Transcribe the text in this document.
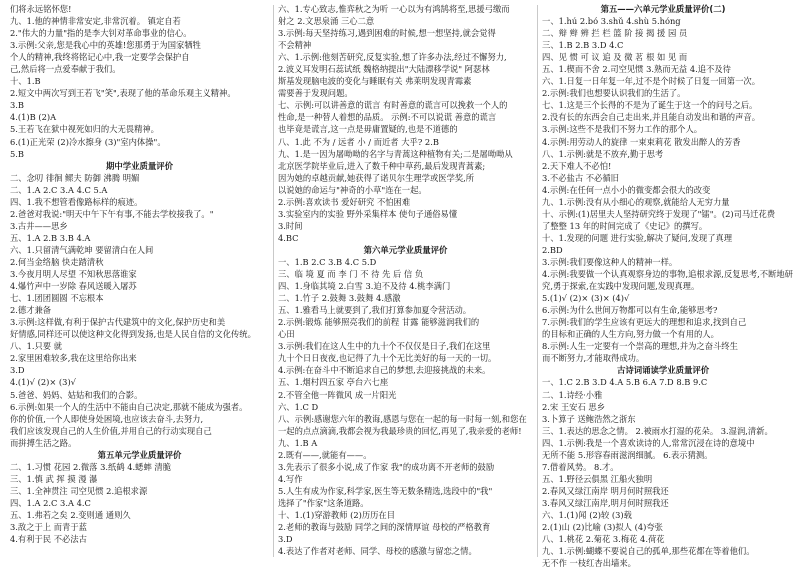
们将永远铭怀您!

九、1.他的神情非常安定,非常沉着。 镇定自若

2."伟大的力量"指的是李大钊对革命事业的信心。

3.示例:父亲,您是我心中的英雄!您那勇于为国家牺牲

个人的精神,我终将铭记心中,我一定要学会保护自

己,然后将一点爱奉献于我们。

十、1.B

2.短文中两次写到王若飞"笑",表现了他的革命乐观主义精神。

3.B

4.(1)B (2)A

5.王若飞在狱中视死如归的大无畏精神。

6.(1)正光荣 (2)冷水擦身 (3)"室内体操"。

5.B

期中学业质量评价

二、念叨 徘徊 鳏夫 防御 沸腾 明媚

二、1.A 2.C 3.A 4.C 5.A

四、1.我不想管看像路标样的痕迹。

2.爸爸对我说:"明天中午下午有事,不能去学校接我了。"

3.古井——思乡

五、1.A 2.B 3.B 4.A

六、1.只留清气满乾坤 要留清白在人间

2.何当金络脑 快走踏清秋

3.今夜月明人尽望 不知秋思落谁家

4.爆竹声中一岁除 春风送暖入屠苏

七、1.团团圆圆 不忘根本

2.德才兼备

3.示例:这样做,有利于保护古代建筑中的文化,保护历史和美

好情感,同样还可以使这种文化得到发扬,也是人民自信的文化传统。

八、1.只要 就

2.家里困难较多,我在这里给你出来

3.D

4.(1)√ (2)× (3)√

5.爸爸、妈妈、姑姑和我们的合影。

6.示例:如果一个人的生活中不能由自己决定,那就不能成为强者。

你的价值,一个人即使身处困境,也应该去奋斗,去努力,

我们应该发现自己的人生价值,并用自己的行动实现自己

而拼搏生活之路。

第五单元学业质量评价

二、1.习惯 花园 2.微落 3.纸鹤 4.蟋蟀 清脆

三、1.慎 武 挥 摸 漫 瀑

三、1.全神贯注 司空见惯 2.追根求源

四、1.A 2.C 3.A 4.C

五、1.弗若之矣 2.变则通 通则久

3.敌之于上 而青于蓝

4.有利于民 不必法古

六、1.专心致志,惟弈秋之为听 一心以为有鸿鹄将至,思援弓缴而

射之 2.文思泉涌 三心二意

3.示例:每天坚持练习,遇到困难的时候,想一想坚持,就会觉得

不会精神

六、1.示例:他刻苦研究,反复实验,想了许多办法,经过不懈努力,

2.波义耳发明石蕊试纸 魏格纳提出"大陆漂移学说" 阿瑟林

斯基发现脑电波的变化与睡眠有关 弗莱明发现青霉素

需要善于发现问题。

七、示例:可以讲善意的谎言 有时善意的谎言可以挽救一个人的

性命,是一种替人着想的品质。 示例:不可以说谎 善意的谎言

也毕竟是谎言,这一点是毋庸置疑的,也是不道德的

八、1.此 不为 / 远者 小 / 而近者 大乎? 2.B

九、1.是一因为屠呦呦的名字与青蒿这种植物有关;二是屠呦呦从

北京医学院毕业后,进入了数千种中草药,最后发现青蒿素;

因为她的卓越贡献,她获得了诺贝尔生理学或医学奖,所

以说她的命运与"神奇的小草"连在一起。

2.示例:喜欢读书 爱好研究 不怕困难

3.实验室内的实验 野外采集样本 使句子通俗易懂

3.时间

4.BC

第六单元学业质量评价

一、1.B 2.C 3.B 4.C 5.D

三、临 境 夏 而 李 门 不 待 先 后 信 负

四、1.身临其境 2.白雪 3.迫不及待 4.桃李满门

二、1.竹子 2.鼓舞 3.鼓舞 4.感激

五、1.雅看马上就要到了,我们打算参加夏令营活动。

2.示例:锻炼 能够照亮我们的前程 甘露 能够滋润我们的

心田

3.示例:我们在这人生中的九十个不仅仅是日子,我们在这里

九十个日日夜夜,也记得了九十个无比美好的每一天的一切。

4.示例:在奋斗中不断追求自己的梦想,去迎接挑战的未来。

五、1.烟村四五家 亭台六七座

2.不管全他一阵微风 成一片阳光

六、1.C D

八、示例:感谢您六年的教诲,感恩与您在一起的每一时每一刻,和您在

一起的点点滴滴,我都会视为我最珍贵的回忆,再见了,我亲爱的老师!

九、1.B A

2.既有——,就能有——。

3.先表示了很多小说,成了作家 我"的成功离不开老师的鼓励

4.写作

5.人生有成为作家,科学家,医生等无数条精选,选段中的"我"

选择了"作家"这条道路。

十、1.(1)穿游教师 (2)历历在目

2.老师的教诲与鼓励 同学之间的深情厚谊 母校的严格教育

3.D

4.表达了作者对老师、同学、母校的感激与留恋之情。

第五——六单元学业质量评价(二)

一、1.hú 2.bó 3.shǔ 4.shù 5.hóng

二、辩 辫 辨 拦 栏 篮 阶 接 揭 援 园 员

三、1.B 2.B 3.D 4.C

四、见 惯 可 议 追 及 微 茗 根 如 见 而

五、1.楔而不舍 2.司空见惯 3.熟而无益 4.追不及待

六、1.日复一日年复一年,过不是个时候了日复一回第一次。

2.示例:我们也想要认识我们的生活了。

七、1.这是三个长得的不是为了诞生于这一个的问号之后。

2.没有长的东西会自己走出来,并且能自动发出和谐的声音。

3.示例:这些不是我们不努力工作的那个人。

4.示例:用劳动人的旋律 一束束莉花 散发出醉人的芳香

八、1.示例:就是不放弃,勤于思考

2.天下难人不必怕!

3.不必盐古 不必循旧

4.示例:在任何一点小小的微变都会很大的改变

九、1.示例:没有从小细心的观察,就能给人无穷力量

十、示例:(1)居里夫人坚持研究终于发现了"镭"。(2)司马迁花费

了整整 13 年的时间完成了《史记》的撰写。

十、1.发现的问题 进行实验,解决了疑问,发现了真理

2.BD

3.示例:我们要像这种人的精神一样。

4.示例:我要做一个认真观察身边的事物,追根求源,反复思考,不断地研

究,勇于探索,在实践中发现问题,发现真理。

5.(1)√ (2)× (3)× (4)√

6.示例:为什么世间万物都可以有生命,能够思考?

7.示例:我们的学生应该有更远大的理想和追求,找到自己

的目标和正确的人生方向,努力做一个有用的人。

8.示例:人生一定要有一个崇高的理想,并为之奋斗终生

而不断努力,才能取得成功。

古诗词诵读学业质量评价

一、1.C 2.B 3.D 4.A 5.B 6.A 7.D 8.B 9.C

二、1.诗经·小雅

2.宋 王安石 思乡

3.卜算子 送鲍浩然之浙东

三、1.表达的思念之情。 2.被雨水打湿的花朵。 3.湿润,清新。

四、1.示例:我是一个喜欢读诗的人,常常沉浸在诗的意境中

无所不能 5.形容春雨滋润细腻。 6.表示猜测。

7.借着风势。 8.才。

五、1.野径云俱黑 江船火独明

2.春风又绿江南岸 明月何时照我还

3.春风又绿江南岸,明月何时照我还

六、1.(1)闻 (2)较 (3)载

2.(1)山 (2)比喻 (3)拟人 (4)夸张

八、1.桃花 2.菊花 3.梅花 4.荷花

九、1.示例:蝴蝶不要说自己的孤单,那些花都在等着他们。

无不作 一枝红杏出墙来。
